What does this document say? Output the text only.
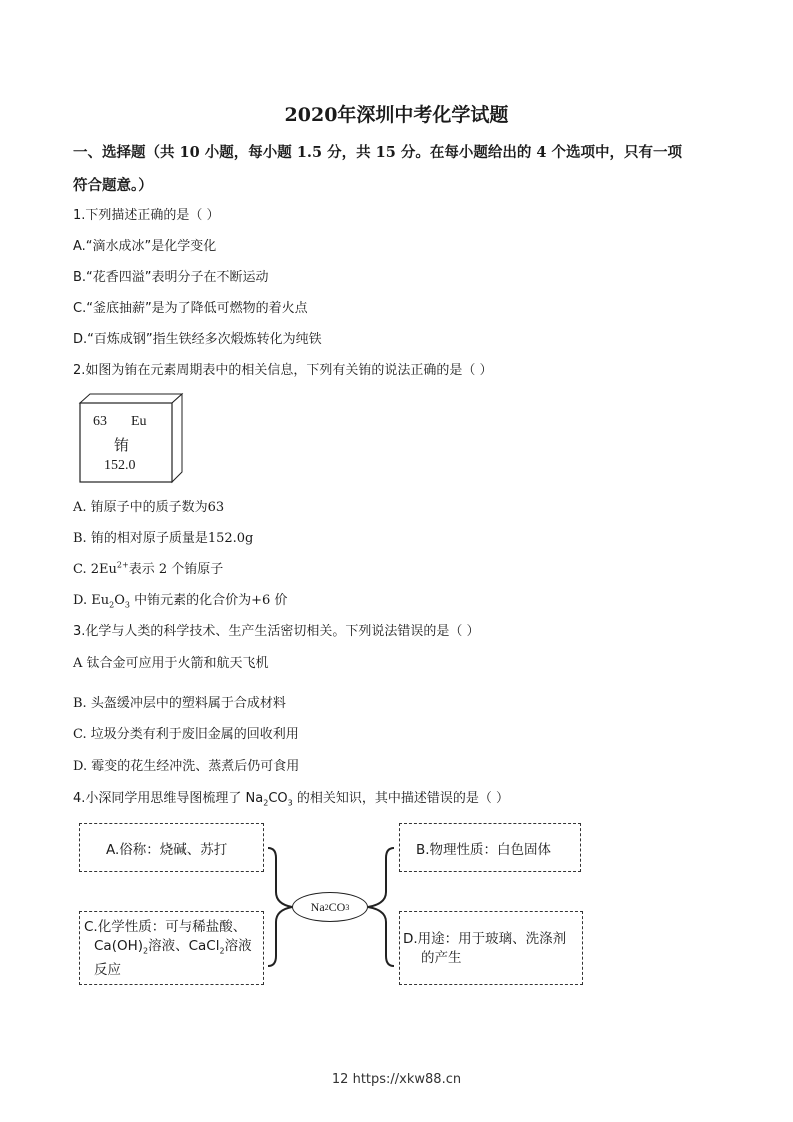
2020年深圳中考化学试题
一、选择题（共 10 小题，每小题 1.5 分，共 15 分。在每小题给出的 4 个选项中，只有一项
符合题意。）
1.下列描述正确的是（ ）
A.“滴水成冰”是化学变化
B.“花香四溢”表明分子在不断运动
C.“釜底抽薪”是为了降低可燃物的着火点
D.“百炼成钢”指生铁经多次煅炼转化为纯铁
2.如图为铕在元素周期表中的相关信息，下列有关铕的说法正确的是（ ）
63 Eu
铕
152.0
A. 铕原子中的质子数为63
B. 铕的相对原子质量是152.0g
C. $2Eu^{2+}$表示 2 个铕原子
D. $Eu_2O_3$ 中铕元素的化合价为+6 价
3.化学与人类的科学技术、生产生活密切相关。下列说法错误的是（ ）
A 钛合金可应用于火箭和航天飞机
B. 头盔缓冲层中的塑料属于合成材料
C. 垃圾分类有利于废旧金属的回收利用
D. 霉变的花生经冲洗、蒸煮后仍可食用
4.小深同学用思维导图梳理了 $Na_2CO_3$ 的相关知识，其中描述错误的是（ ）
A.俗称：烧碱、苏打	B.物理性质：白色固体
C.化学性质：可与稀盐酸、
$Ca(OH)_2$溶液、CaCl$_2$溶液
反应
D.用途：用于玻璃、洗涤剂
的产生
Na 2 CO 3
12 https://xkw88.cn
